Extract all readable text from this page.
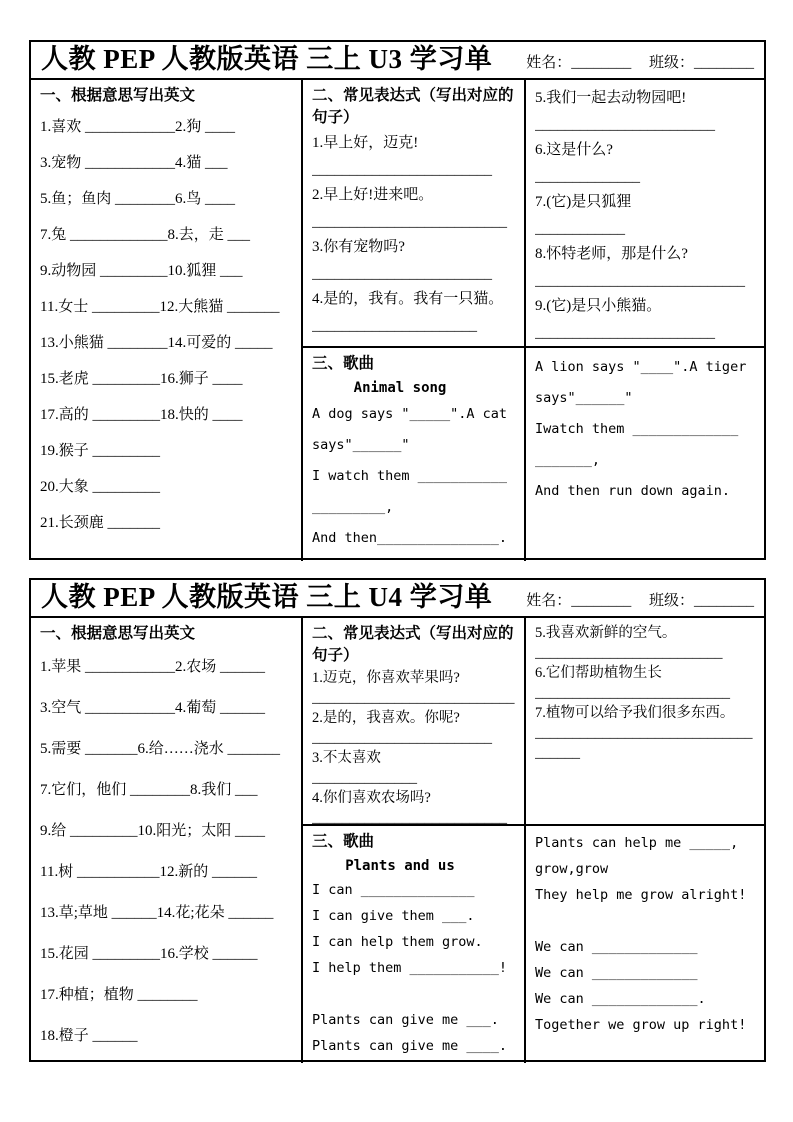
人教 PEP 人教版英语 三上 U3 学习单 姓名：________ 班级：________
一、根据意思写出英文
1.喜欢 ____________2.狗 ____
3.宠物 ____________4.猫 ___
5.鱼；鱼肉 ________6.鸟 ____
7.兔 _____________8.去，走 ___
9.动物园 _________10.狐狸 ___
11.女士 _________12.大熊猫 _______
13.小熊猫 ________14.可爱的 _____
15.老虎 _________16.狮子 ____
17.高的 _________18.快的 ____
19.猴子 _________
20.大象 _________
21.长颈鹿 _______
二、常见表达式（写出对应的句子）
1.早上好，迈克!
________________________
2.早上好!进来吧。
__________________________
3.你有宠物吗?
________________________
4.是的，我有。我有一只猫。
______________________
5.我们一起去动物园吧!
________________________
6.这是什么?
______________
7.(它)是只狐狸
____________
8.怀特老师，那是什么?
____________________________
9.(它)是只小熊猫。
________________________
三、歌曲
Animal song
A dog says "_____".A cat
says"______"
I watch them ___________
_________,
And then_______________.
A lion says "____".A tiger
says"______"
Iwatch them _____________
_______,
And then run down again.
人教 PEP 人教版英语 三上 U4 学习单 姓名：________ 班级：________
一、根据意思写出英文
1.苹果 ____________2.农场 ______
3.空气 ____________4.葡萄 ______
5.需要 _______6.给……浇水 _______
7.它们，他们 ________8.我们 ___
9.给 _________10.阳光；太阳 ____
11.树 ___________12.新的 ______
13.草;草地 ______14.花;花朵 ______
15.花园 _________16.学校 ______
17.种植；植物 ________
18.橙子 ______
二、常见表达式（写出对应的句子）
1.迈克，你喜欢苹果吗?
___________________________
2.是的，我喜欢。你呢?
________________________
3.不太喜欢
______________
4.你们喜欢农场吗?
__________________________
5.我喜欢新鲜的空气。
_________________________
6.它们帮助植物生长
__________________________
7.植物可以给予我们很多东西。
_____________________________
______
三、歌曲
Plants and us
I can ______________
I can give them ___.
I can help them grow.
I help them ___________!

Plants can give me ___.
Plants can give me ____.
Plants can help me _____,
grow,grow
They help me grow alright!

We can _____________
We can _____________
We can _____________.
Together we grow up right!
